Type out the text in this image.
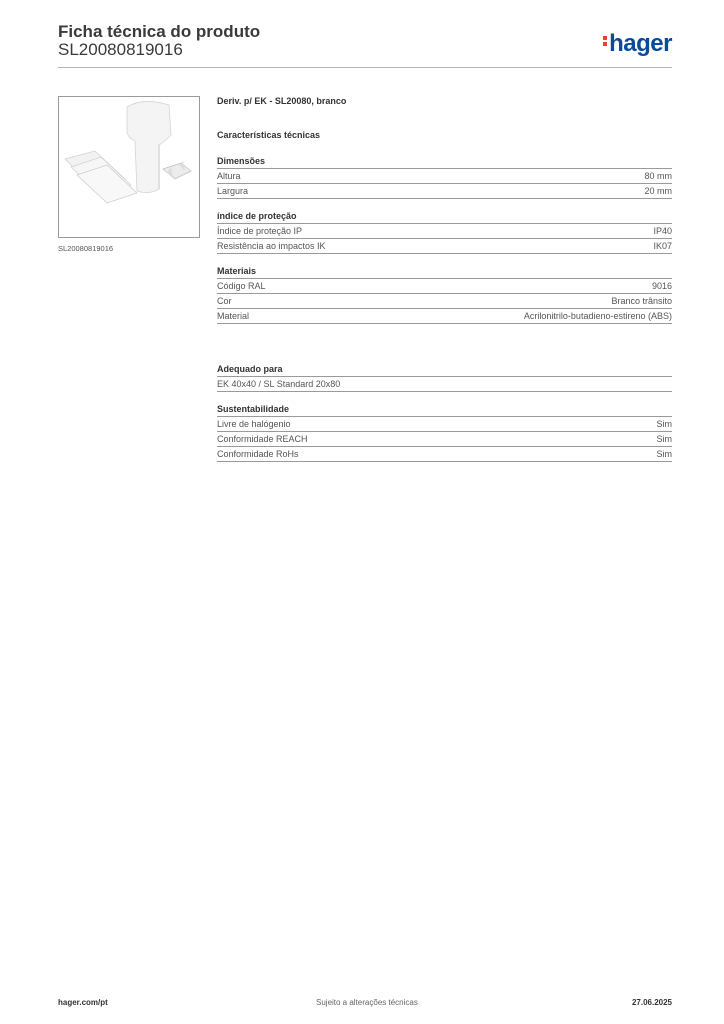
Ficha técnica do produto
SL20080819016	hager
SL20080819016
Deriv. p/ EK - SL20080, branco
Características técnicas
Dimensões
Altura	80 mm
Largura	20 mm
índice de proteção
Índice de proteção IP	IP40
Resistência ao impactos IK	IK07
Materiais
Código RAL	9016
Cor	Branco trânsito
Material	Acrilonitrilo-butadieno-estireno (ABS)
Adequado para
EK 40x40 / SL Standard 20x80
Sustentabilidade
Livre de halógenio	Sim
Conformidade REACH	Sim
Conformidade RoHs	Sim
hager.com/pt	Sujeito a alterações técnicas	27.06.2025
